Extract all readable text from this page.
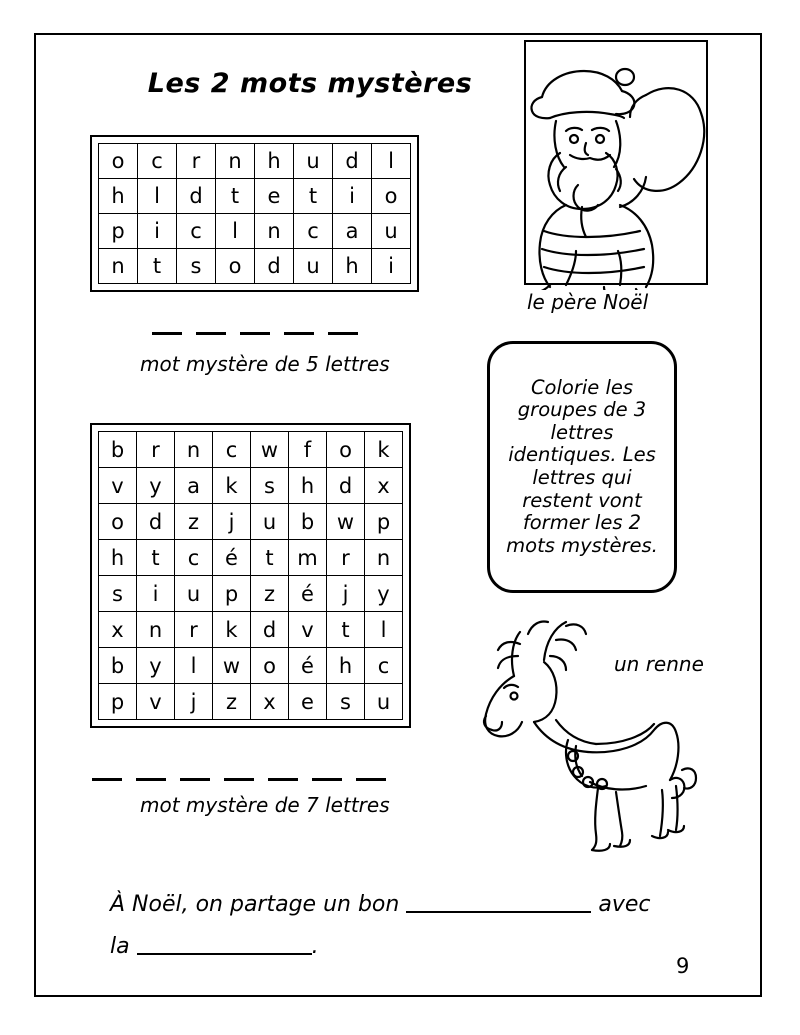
Les 2 mots mystères
o	c	r	n	h	u	d	l
h	l	d	t	e	t	i	o
p	i	c	l	n	c	a	u
n	t	s	o	d	u	h	i
mot mystère de 5 lettres
b	r	n	c	w	f	o	k
v	y	a	k	s	h	d	x
o	d	z	j	u	b	w	p
h	t	c	é	t	m	r	n
s	i	u	p	z	é	j	y
x	n	r	k	d	v	t	l
b	y	l	w	o	é	h	c
p	v	j	z	x	e	s	u
mot mystère de 7 lettres
le père Noël
Colorie les groupes de 3 lettres identiques. Les lettres qui restent vont former les 2 mots mystères.
un renne
À Noël, on partage un bon	avec
la	.
9
